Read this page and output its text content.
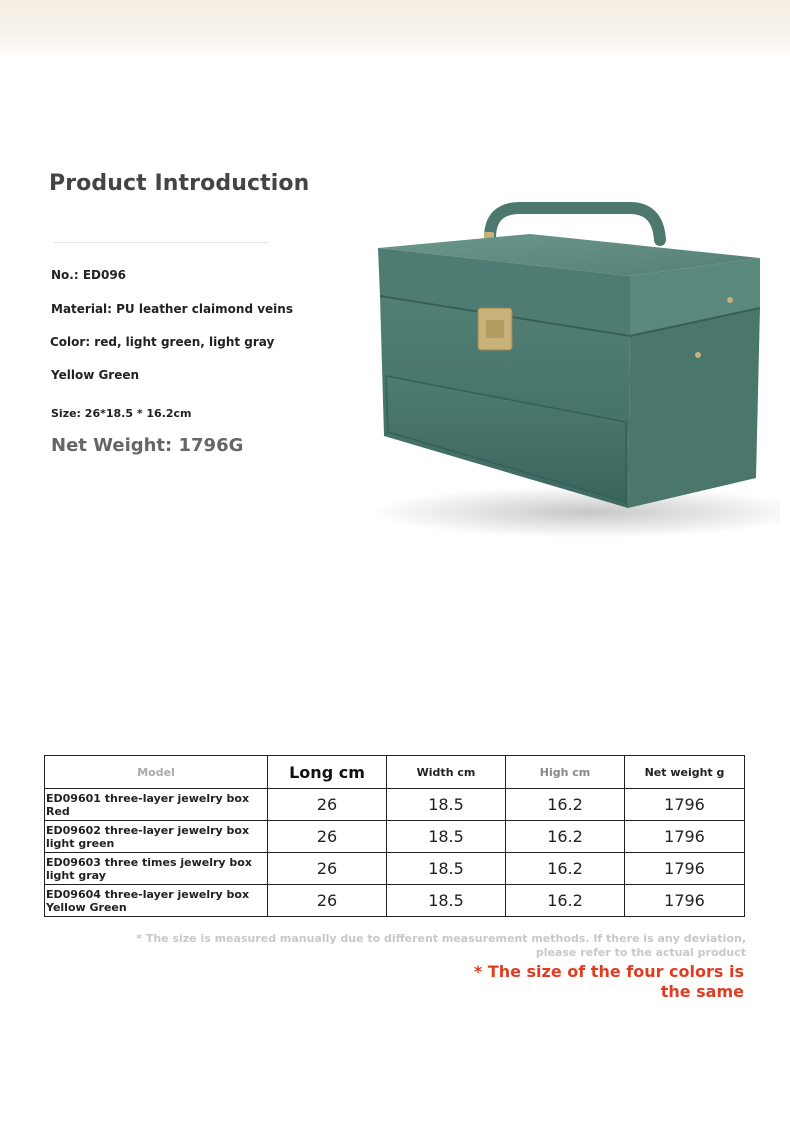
Product Introduction
No.: ED096
Material: PU leather claimond veins
Color: red, light green, light gray
Yellow Green
Size: 26*18.5 * 16.2cm
Net Weight: 1796G
Model	Long cm	Width cm	High cm	Net weight g
ED09601 three-layer jewelry box Red	26	18.5	16.2	1796
ED09602 three-layer jewelry box light green	26	18.5	16.2	1796
ED09603 three times jewelry box light gray	26	18.5	16.2	1796
ED09604 three-layer jewelry box Yellow Green	26	18.5	16.2	1796
* The size is measured manually due to different measurement methods. If there is any deviation, please refer to the actual product
* The size of the four colors is the same
